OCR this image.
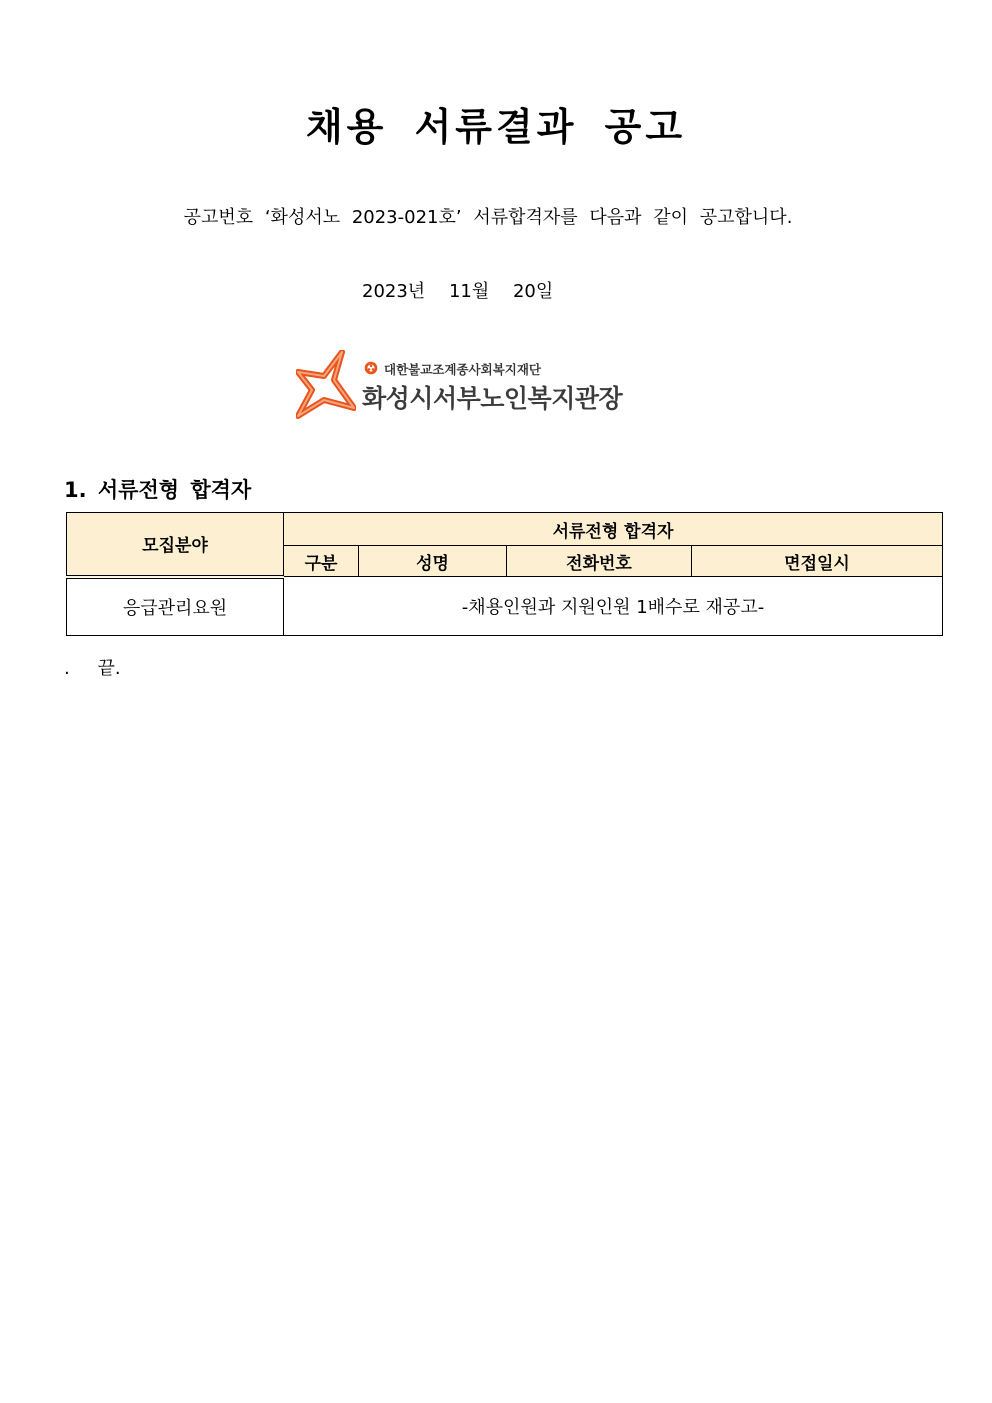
채용 서류결과 공고
공고번호 ‘화성서노 2023-021호’ 서류합격자를 다음과 같이 공고합니다.
2023년 11월 20일
대한불교조계종사회복지재단
화성시서부노인복지관장
1. 서류전형 합격자
모집분야	서류전형 합격자			
	구분	성명	전화번호	면접일시
응급관리요원	-채용인원과 지원인원 1배수로 재공고-			
. 끝.
